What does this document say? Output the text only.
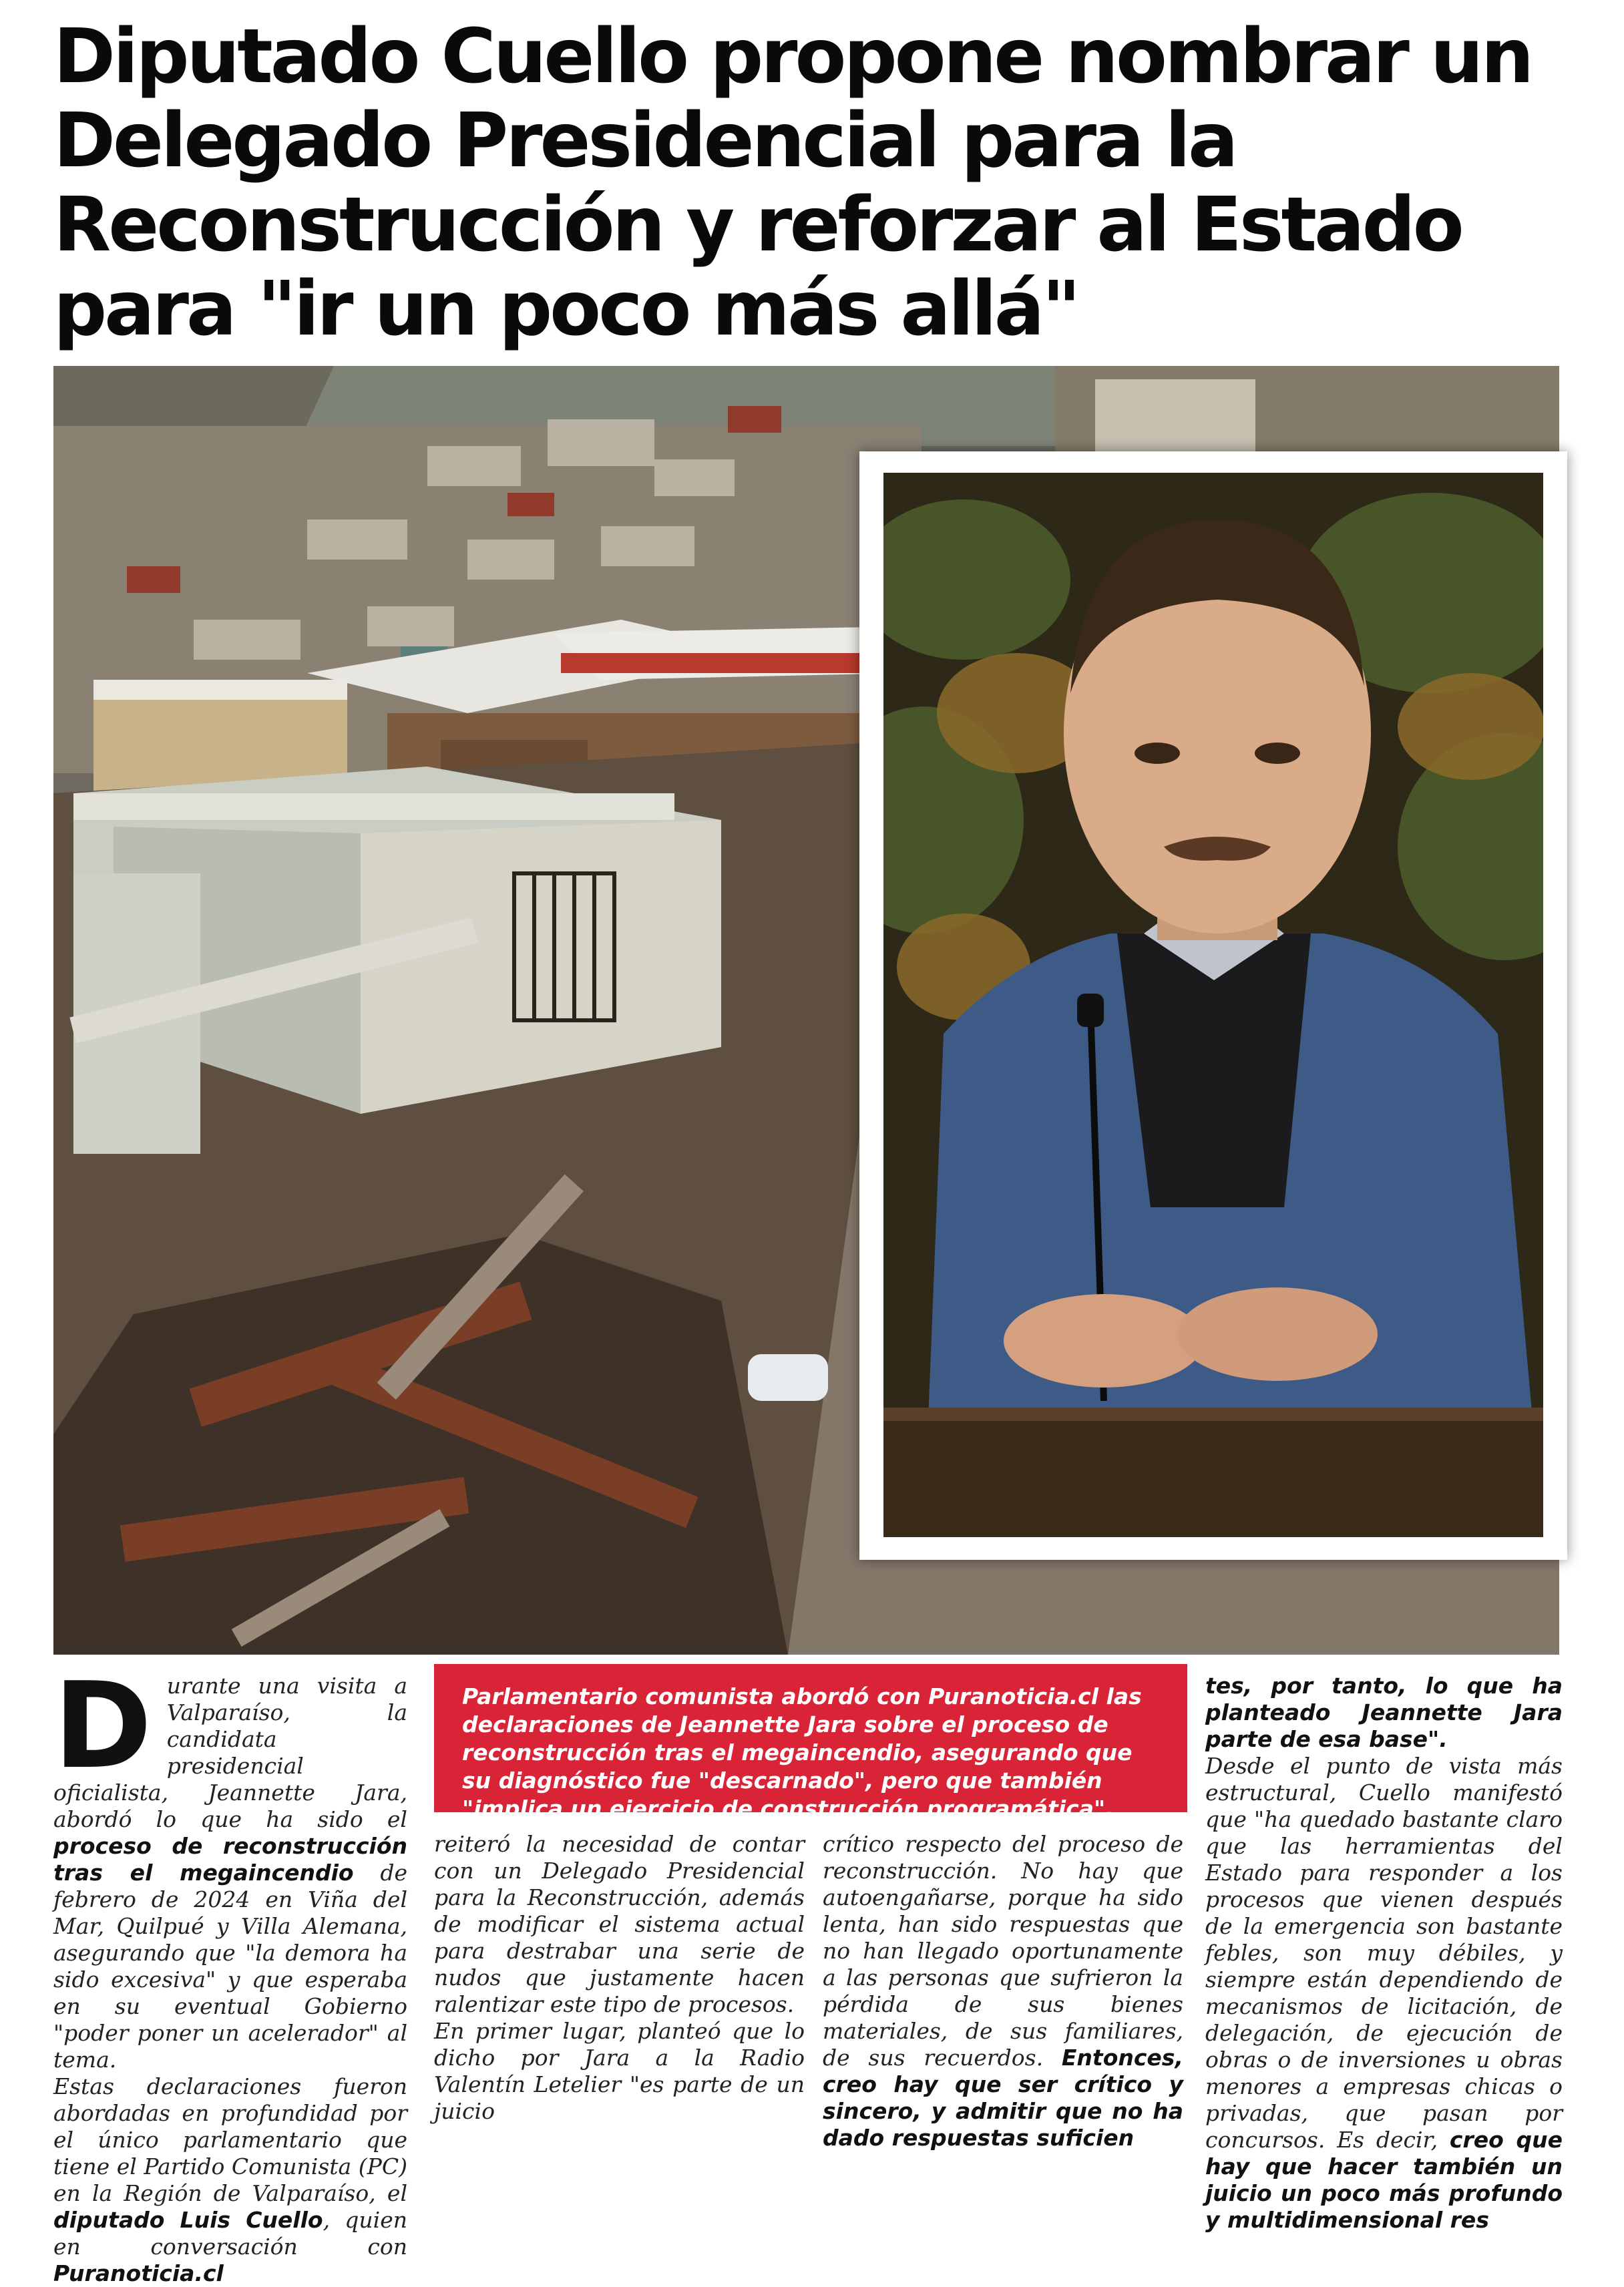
Diputado Cuello propone nombrar un Delegado Presidencial para la Reconstrucción y reforzar al Estado para "ir un poco más allá"

Durante una visita a Valparaíso, la candidata presidencial oficialista, Jeannette Jara, abordó lo que ha sido el proceso de reconstrucción tras el megaincendio de febrero de 2024 en Viña del Mar, Quilpué y Villa Alemana, asegurando que "la demora ha sido excesiva" y que esperaba en su eventual Gobierno "poder poner un acelerador" al tema.

Estas declaraciones fueron abordadas en profundidad por el único parlamentario que tiene el Partido Comunista (PC) en la Región de Valparaíso, el diputado Luis Cuello, quien en conversación con Puranoticia.cl

Parlamentario comunista abordó con Puranoticia.cl las declaraciones de Jeannette Jara sobre el proceso de reconstrucción tras el megaincendio, asegurando que su diagnóstico fue "descarnado", pero que también "implica un ejercicio de construcción programática".

reiteró la necesidad de contar con un Delegado Presidencial para la Reconstrucción, además de modificar el sistema actual para destrabar una serie de nudos que justamente hacen ralentizar este tipo de procesos.

En primer lugar, planteó que lo dicho por Jara a la Radio Valentín Letelier "es parte de un juicio

crítico respecto del proceso de reconstrucción. No hay que autoengañarse, porque ha sido lenta, han sido respuestas que no han llegado oportunamente a las personas que sufrieron la pérdida de sus bienes materiales, de sus familiares, de sus recuerdos. Entonces, creo hay que ser crítico y sincero, y admitir que no ha dado respuestas suficien

tes, por tanto, lo que ha planteado Jeannette Jara parte de esa base".

Desde el punto de vista más estructural, Cuello manifestó que "ha quedado bastante claro que las herramientas del Estado para responder a los procesos que vienen después de la emergencia son bastante febles, son muy débiles, y siempre están dependiendo de mecanismos de licitación, de delegación, de ejecución de obras o de inversiones u obras menores a empresas chicas o privadas, que pasan por concursos. Es decir, creo que hay que hacer también un juicio un poco más profundo y multidimensional res
